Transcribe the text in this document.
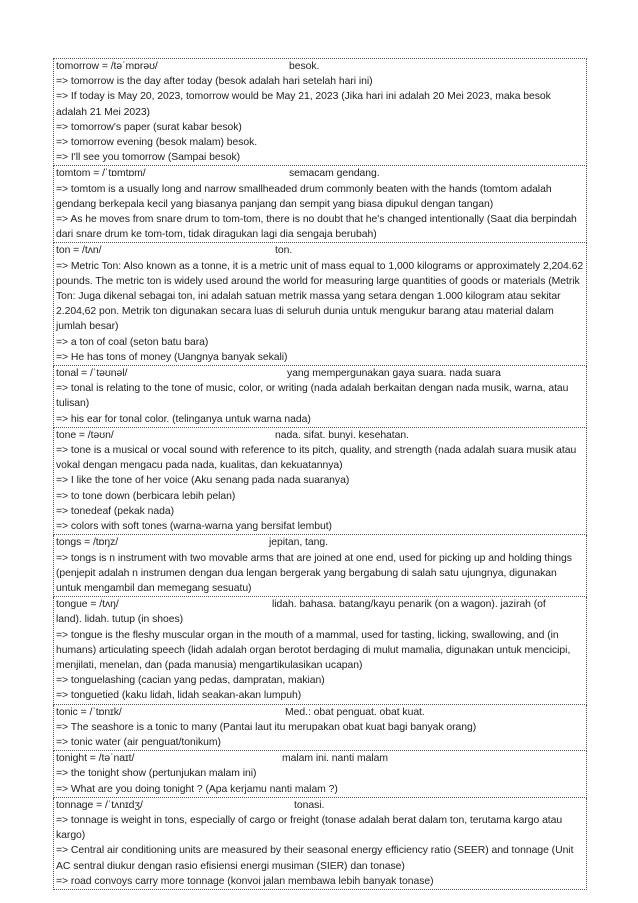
tomorrow = /təˈmɒrəʊ/	besok.
=> tomorrow is the day after today (besok adalah hari setelah hari ini)
=> If today is May 20, 2023, tomorrow would be May 21, 2023 (Jika hari ini adalah 20 Mei 2023, maka besok adalah 21 Mei 2023)
=> tomorrow's paper (surat kabar besok)
=> tomorrow evening (besok malam) besok.
=> I'll see you tomorrow (Sampai besok)
tomtom = /ˈtɒmtɒm/	semacam gendang.
=> tomtom is a usually long and narrow smallheaded drum commonly beaten with the hands (tomtom adalah gendang berkepala kecil yang biasanya panjang dan sempit yang biasa dipukul dengan tangan)
=> As he moves from snare drum to tom-tom, there is no doubt that he's changed intentionally (Saat dia berpindah dari snare drum ke tom-tom, tidak diragukan lagi dia sengaja berubah)
ton = /tʌn/	ton.
=> Metric Ton: Also known as a tonne, it is a metric unit of mass equal to 1,000 kilograms or approximately 2,204.62 pounds. The metric ton is widely used around the world for measuring large quantities of goods or materials (Metrik Ton: Juga dikenal sebagai ton, ini adalah satuan metrik massa yang setara dengan 1.000 kilogram atau sekitar 2.204,62 pon. Metrik ton digunakan secara luas di seluruh dunia untuk mengukur barang atau material dalam jumlah besar)
=> a ton of coal (seton batu bara)
=> He has tons of money (Uangnya banyak sekali)
tonal = /ˈtəʊnəl/	yang mempergunakan gaya suara. nada suara
=> tonal is relating to the tone of music, color, or writing (nada adalah berkaitan dengan nada musik, warna, atau tulisan)
=> his ear for tonal color. (telinganya untuk warna nada)
tone = /təʊn/	nada. sifat. bunyi. kesehatan.
=> tone is a musical or vocal sound with reference to its pitch, quality, and strength (nada adalah suara musik atau vokal dengan mengacu pada nada, kualitas, dan kekuatannya)
=> I like the tone of her voice (Aku senang pada nada suaranya)
=> to tone down (berbicara lebih pelan)
=> tonedeaf (pekak nada)
=> colors with soft tones (warna-warna yang bersifat lembut)
tongs = /tɒŋz/	jepitan, tang.
=> tongs is n instrument with two movable arms that are joined at one end, used for picking up and holding things (penjepit adalah n instrumen dengan dua lengan bergerak yang bergabung di salah satu ujungnya, digunakan untuk mengambil dan memegang sesuatu)
tongue = /tʌŋ/	lidah. bahasa. batang/kayu penarik (on a wagon). jazirah (of
land). lidah. tutup (in shoes)
=> tongue is the fleshy muscular organ in the mouth of a mammal, used for tasting, licking, swallowing, and (in humans) articulating speech (lidah adalah organ berotot berdaging di mulut mamalia, digunakan untuk mencicipi, menjilati, menelan, dan (pada manusia) mengartikulasikan ucapan)
=> tonguelashing (cacian yang pedas, dampratan, makian)
=> tonguetied (kaku lidah, lidah seakan-akan lumpuh)
tonic = /ˈtɒnɪk/	Med.: obat penguat. obat kuat.
=> The seashore is a tonic to many (Pantai laut itu merupakan obat kuat bagi banyak orang)
=> tonic water (air penguat/tonikum)
tonight = /təˈnaɪt/	malam ini. nanti malam
=> the tonight show (pertunjukan malam ini)
=> What are you doing tonight ? (Apa kerjamu nanti malam ?)
tonnage = /ˈtʌnɪdʒ/	tonasi.
=> tonnage is weight in tons, especially of cargo or freight (tonase adalah berat dalam ton, terutama kargo atau kargo)
=> Central air conditioning units are measured by their seasonal energy efficiency ratio (SEER) and tonnage (Unit AC sentral diukur dengan rasio efisiensi energi musiman (SIER) dan tonase)
=> road convoys carry more tonnage (konvoi jalan membawa lebih banyak tonase)
